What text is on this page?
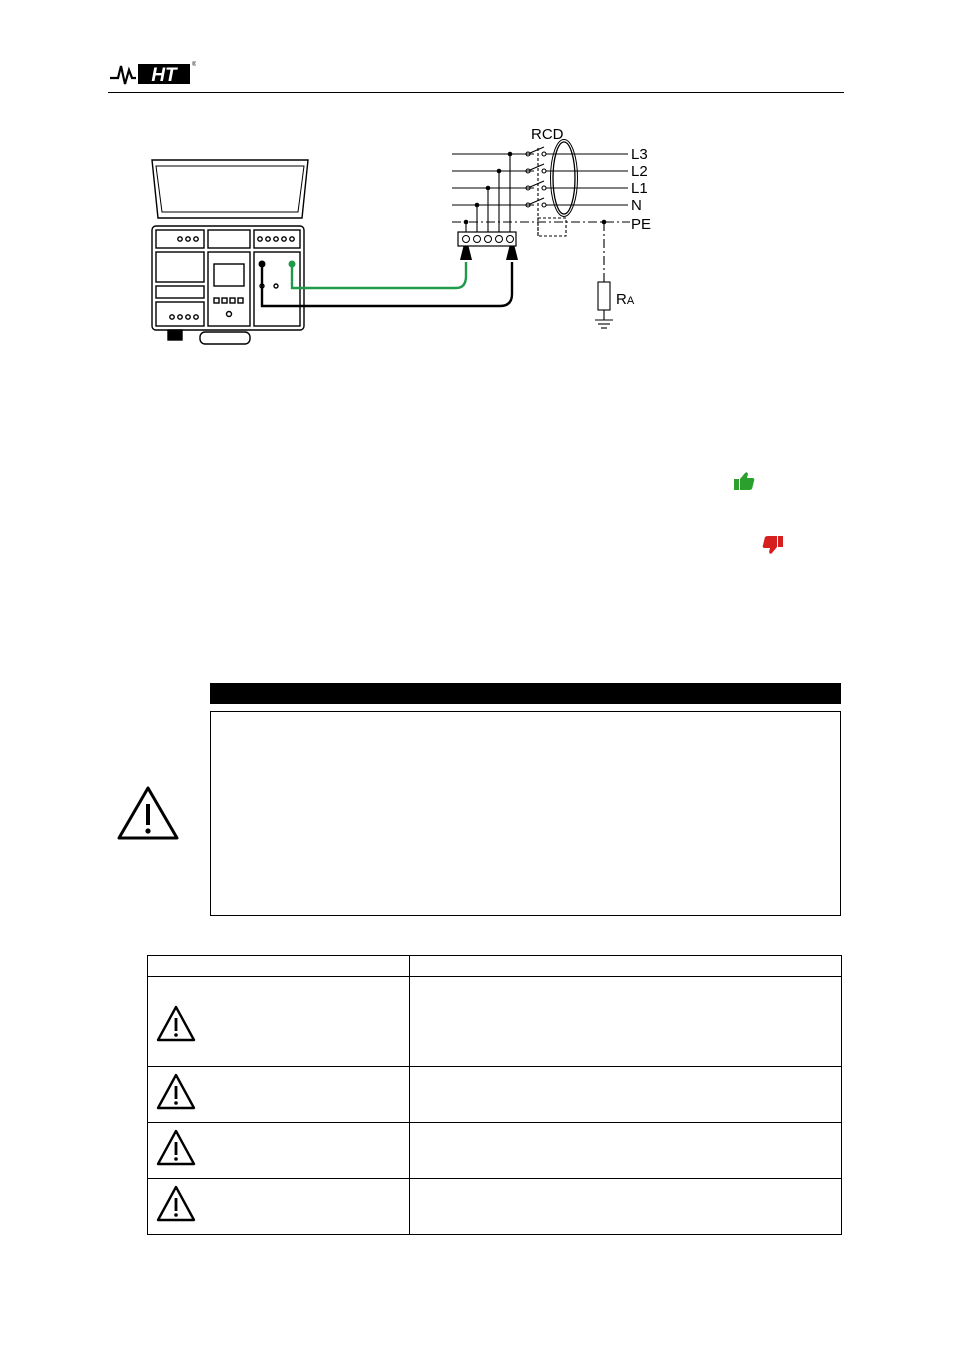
HT	®
RCD
L3
L2
L1
N
PE
RA
